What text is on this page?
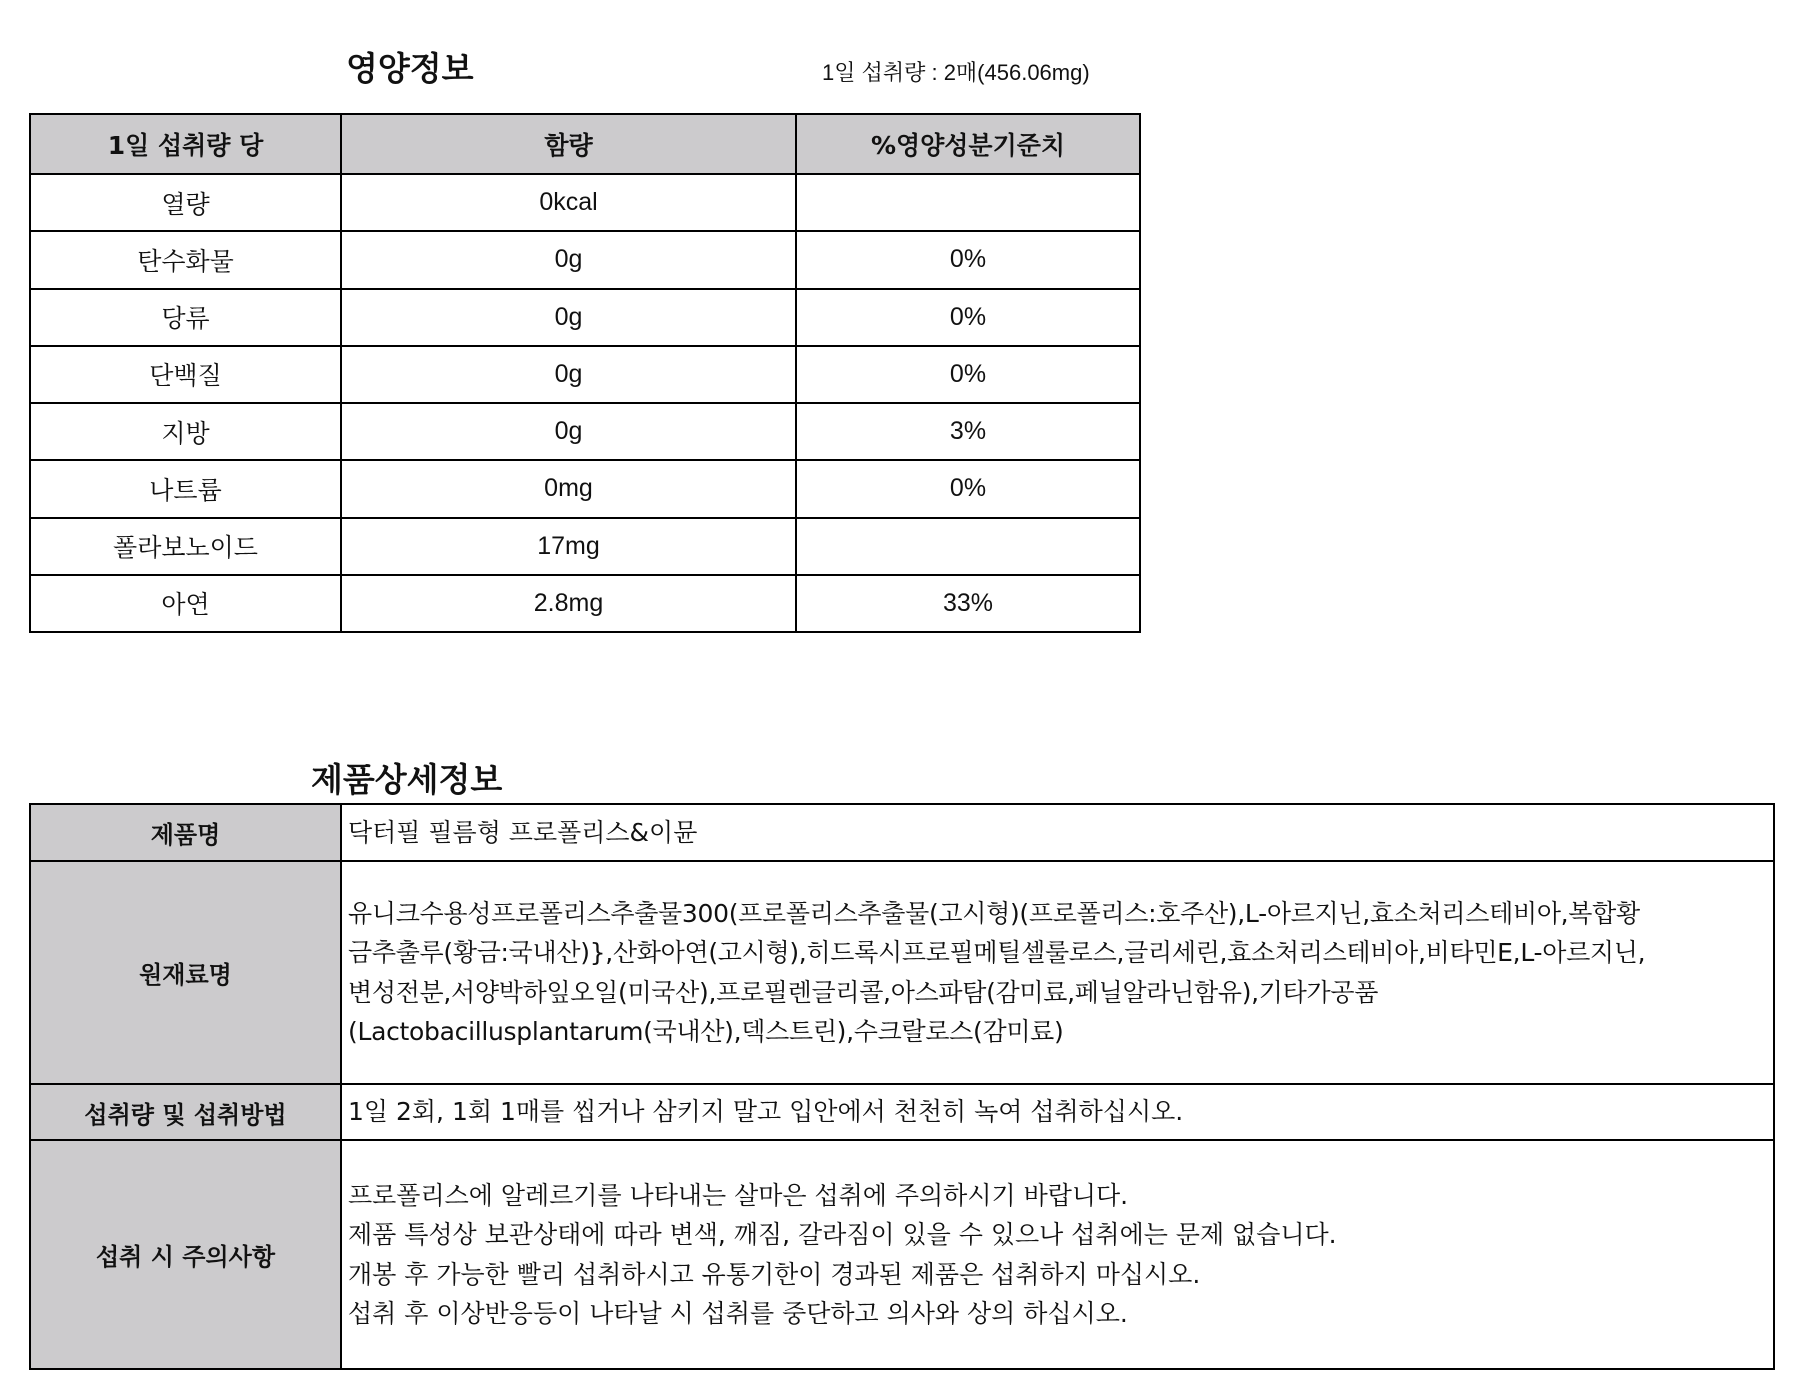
영양정보	1일 섭취량 : 2매(456.06mg)
1일 섭취량 당	함량	%영양성분기준치
열량	0kcal	
탄수화물	0g	0%
당류	0g	0%
단백질	0g	0%
지방	0g	3%
나트륨	0mg	0%
폴라보노이드	17mg	
아연	2.8mg	33%
제품상세정보
제품명	닥터필 필름형 프로폴리스&이뮨
원재료명	유니크수용성프로폴리스추출물300(프로폴리스추출물(고시형)(프로폴리스:호주산),L-아르지닌,효소처리스테비아,복합황
금추출루(황금:국내산)},산화아연(고시형),히드록시프로필메틸셀룰로스,글리세린,효소처리스테비아,비타민E,L-아르지닌,
변성전분,서양박하잎오일(미국산),프로필렌글리콜,아스파탐(감미료,페닐알라닌함유),기타가공품
(Lactobacillusplantarum(국내산),덱스트린),수크랄로스(감미료)

섭취량 및 섭취방법	1일 2회, 1회 1매를 씹거나 삼키지 말고 입안에서 천천히 녹여 섭취하십시오.
섭취 시 주의사항	프로폴리스에 알레르기를 나타내는 살마은 섭취에 주의하시기 바랍니다.
제품 특성상 보관상태에 따라 변색, 깨짐, 갈라짐이 있을 수 있으나 섭취에는 문제 없습니다.
개봉 후 가능한 빨리 섭취하시고 유통기한이 경과된 제품은 섭취하지 마십시오.
섭취 후 이상반응등이 나타날 시 섭취를 중단하고 의사와 상의 하십시오.
